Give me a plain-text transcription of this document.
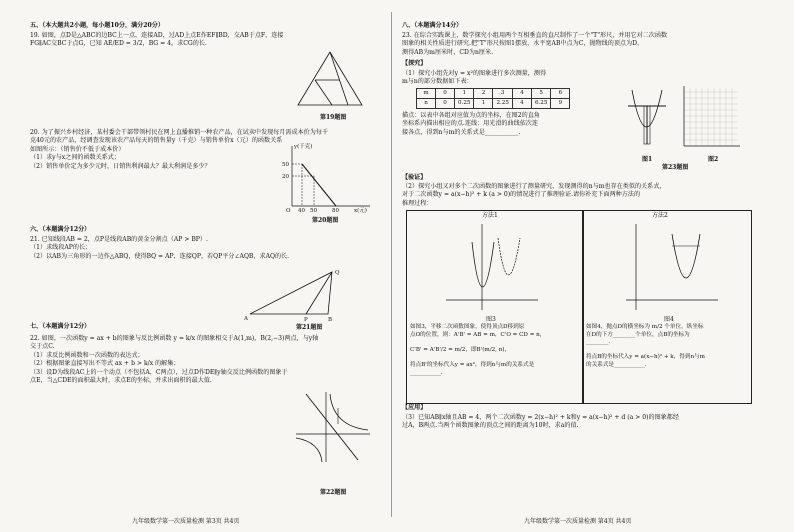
五、（本大题共2小题，每小题10分，满分20分）
19. 如图，点D是△ABC的边BC上一点，连接AD，过AD上点E作EF∥BD，交AB于点F，连接
FG∥AC交BC于点G，已知 AE/ED = 3/2，BG = 4，求CG的长.
第19题图
20. 为了振兴乡村经济，某村委会干部带领村民在网上直播推销一种农产品，在试卖中发现每月需成本价为每千
克40元的农产品，经调查发现该农产品每天的销售量y（千克）与销售单价x（元）的函数关系
如图所示：（销售价不低于成本价）
（1）求y与x之间的函数关系式；
（2）销售单价定为多少元时，日销售利润最大？最大利润是多少？
y(千克)
50
20
O 40 50	80	x(元)
第20题图
六、（本题满分12分）
21. 已知线段AB = 2，点P是线段AB的黄金分割点（AP > BP）.
（1）求线段AP的长；
（2）以AB为三角形的一边作△ABQ，使得BQ = AP，连接QP，若QP平分∠AQB，求AQ的长.
Q
A	P	B
第21题图
七、（本题满分12分）
22. 如图，一次函数y = ax + b的图象与反比例函数 y = k/x 的图象相交于A(1,m)，B(2,−3)两点，与y轴
交于点C.
（1）求反比例函数和一次函数的表达式；
（2）根据图象直接写出不等式 ax + b > k/x 的解集；
（3）设D为线段AC上的一个动点（不包括A，C两点），过点D作DE∥y轴交反比例函数的图象于
点E，当△CDE的面积最大时，求点E的坐标，并求出面积的最大值.
第22题图
九年级数学第一次质量检测 第3页 共4页
八、（本题满分14分）
23. 在综合实践课上，数学探究小组用两个互相垂直的直尺制作了一个"T"形尺，并用它对二次函数
图象的相关性质进行研究.把"T"形尺按图1摆放，水平宽AB中点为C，抛物线的顶点为D，
测得AB为m厘米时，CD为n厘米.
【探究】
（1）探究小组先对y = x²的图象进行多次测量，测得
m与n的部分数据如下表：
m	0	1	2	3	4	5	6
n	0	0.25	1	2.25	4	6.25	9
描点：以表中各组对应值为点的坐标，在图2的直角
坐标系内描出相应的点.连线：用光滑的曲线依次连
接各点，得到n与m的关系式是___________.
图1	图2
第23题图
【验证】
（2）探究小组又对多个二次函数的图象进行了测量研究，发现测得的n与m也存在类似的关系式，
对于二次函数y = a(x−h)² + k (a > 0)的情况进行了推理验证.请你补充下面两种方法的
推理过程：
方法1	方法2
图3	图4
如图3，平移二次函数图象，使得顶点D移到原
点O的位置，则：A'B' = AB = m，C'O = CD = n，

C'B' = A'B'/2 = m/2，即B'(m/2, n)，

将点B'的坐标代入y = ax²，得到n与m的关系式是
___________.
如图4，抛点D的横坐标为 m/2 个单位，纵坐标
在D的下方________个单位，点B的坐标为
________.

将点B的坐标代入y = a(x−h)² + k，得到n与m
的关系式是___________.
【应用】
（3）已知AB∥x轴且AB = 4，两个二次函数y = 2(x−h)² + k和y = a(x−h)² + d (a > 0)的图象都经
过A，B两点.当两个函数图象的顶点之间的距离为10时，求a的值.
九年级数学第一次质量检测 第4页 共4页
